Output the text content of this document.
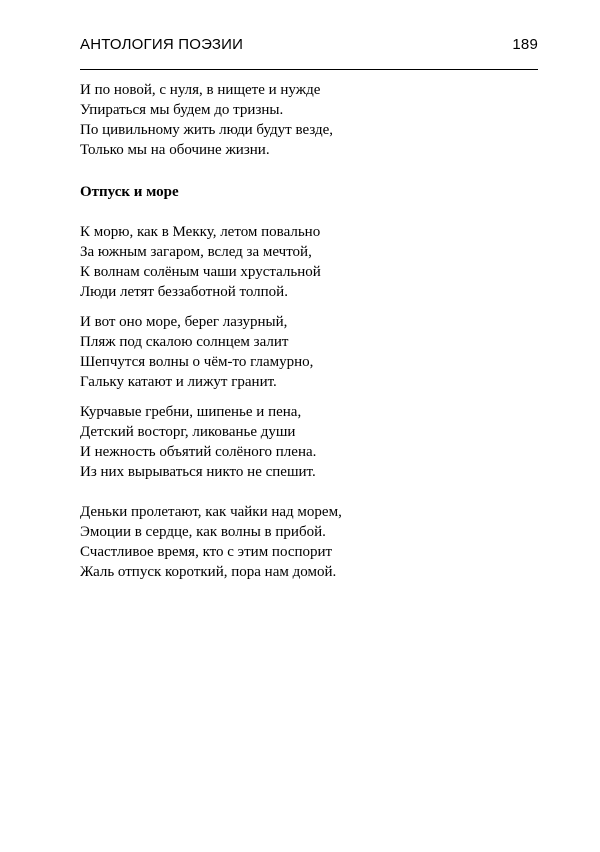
АНТОЛОГИЯ ПОЭЗИИ	189
И по новой, с нуля, в нищете и нужде
Упираться мы будем до тризны.
По цивильному жить люди будут везде,
Только мы на обочине жизни.
Отпуск и море
К морю, как в Мекку, летом повально
За южным загаром, вслед за мечтой,
К волнам солёным чаши хрустальной
Люди летят беззаботной толпой.
И вот оно море, берег лазурный,
Пляж под скалою солнцем залит
Шепчутся волны о чём-то гламурно,
Гальку катают и лижут гранит.
Курчавые гребни, шипенье и пена,
Детский восторг, ликованье души
И нежность объятий солёного плена.
Из них вырываться никто не спешит.
Деньки пролетают, как чайки над морем,
Эмоции в сердце, как волны в прибой.
Счастливое время, кто с этим поспорит
Жаль отпуск короткий, пора нам домой.
